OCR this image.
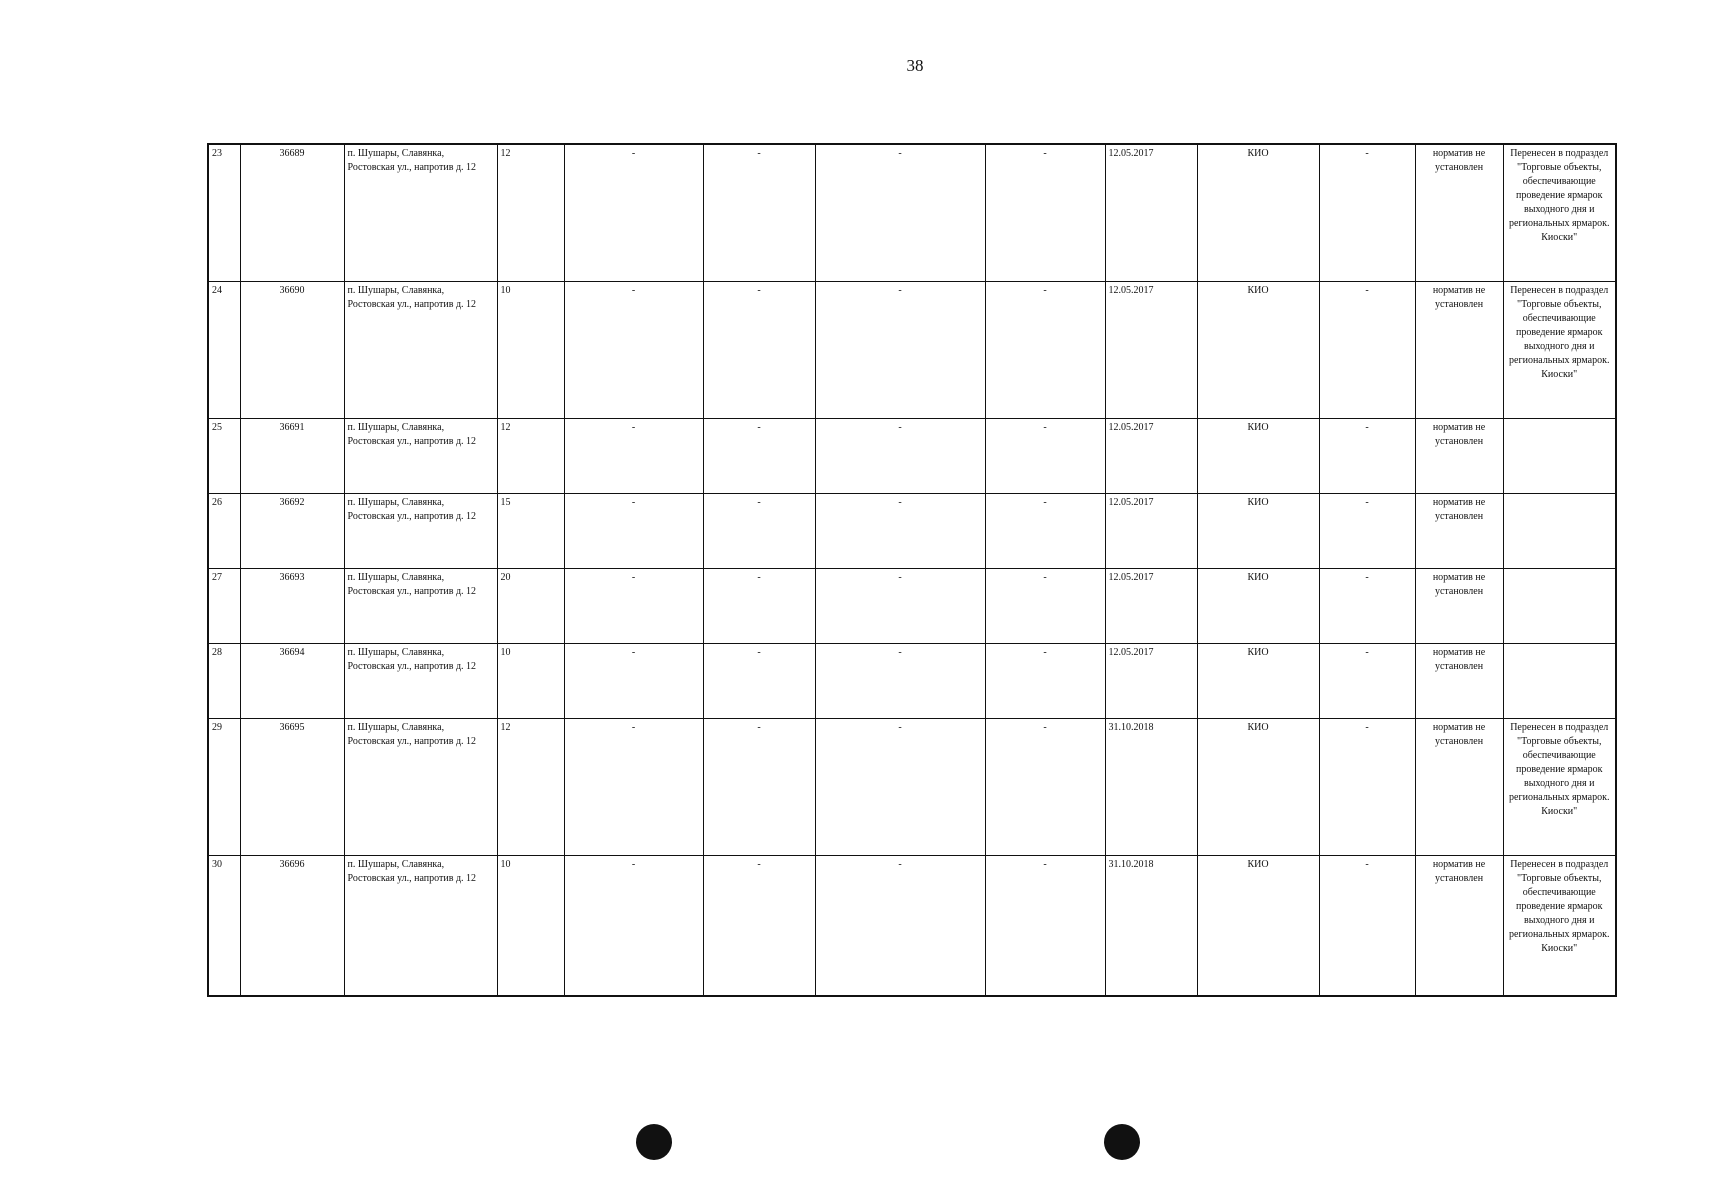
38
23	36689	п. Шушары, Славянка, Ростовская ул., напротив д. 12	12	-	-	-	-	12.05.2017	КИО	-	норматив не установлен	Перенесен в подраздел "Торговые объекты, обеспечивающие проведение ярмарок выходного дня и региональных ярмарок. Киоски"
24	36690	п. Шушары, Славянка, Ростовская ул., напротив д. 12	10	-	-	-	-	12.05.2017	КИО	-	норматив не установлен	Перенесен в подраздел "Торговые объекты, обеспечивающие проведение ярмарок выходного дня и региональных ярмарок. Киоски"
25	36691	п. Шушары, Славянка, Ростовская ул., напротив д. 12	12	-	-	-	-	12.05.2017	КИО	-	норматив не установлен	
26	36692	п. Шушары, Славянка, Ростовская ул., напротив д. 12	15	-	-	-	-	12.05.2017	КИО	-	норматив не установлен	
27	36693	п. Шушары, Славянка, Ростовская ул., напротив д. 12	20	-	-	-	-	12.05.2017	КИО	-	норматив не установлен	
28	36694	п. Шушары, Славянка, Ростовская ул., напротив д. 12	10	-	-	-	-	12.05.2017	КИО	-	норматив не установлен	
29	36695	п. Шушары, Славянка, Ростовская ул., напротив д. 12	12	-	-	-	-	31.10.2018	КИО	-	норматив не установлен	Перенесен в подраздел "Торговые объекты, обеспечивающие проведение ярмарок выходного дня и региональных ярмарок. Киоски"
30	36696	п. Шушары, Славянка, Ростовская ул., напротив д. 12	10	-	-	-	-	31.10.2018	КИО	-	норматив не установлен	Перенесен в подраздел "Торговые объекты, обеспечивающие проведение ярмарок выходного дня и региональных ярмарок. Киоски"
